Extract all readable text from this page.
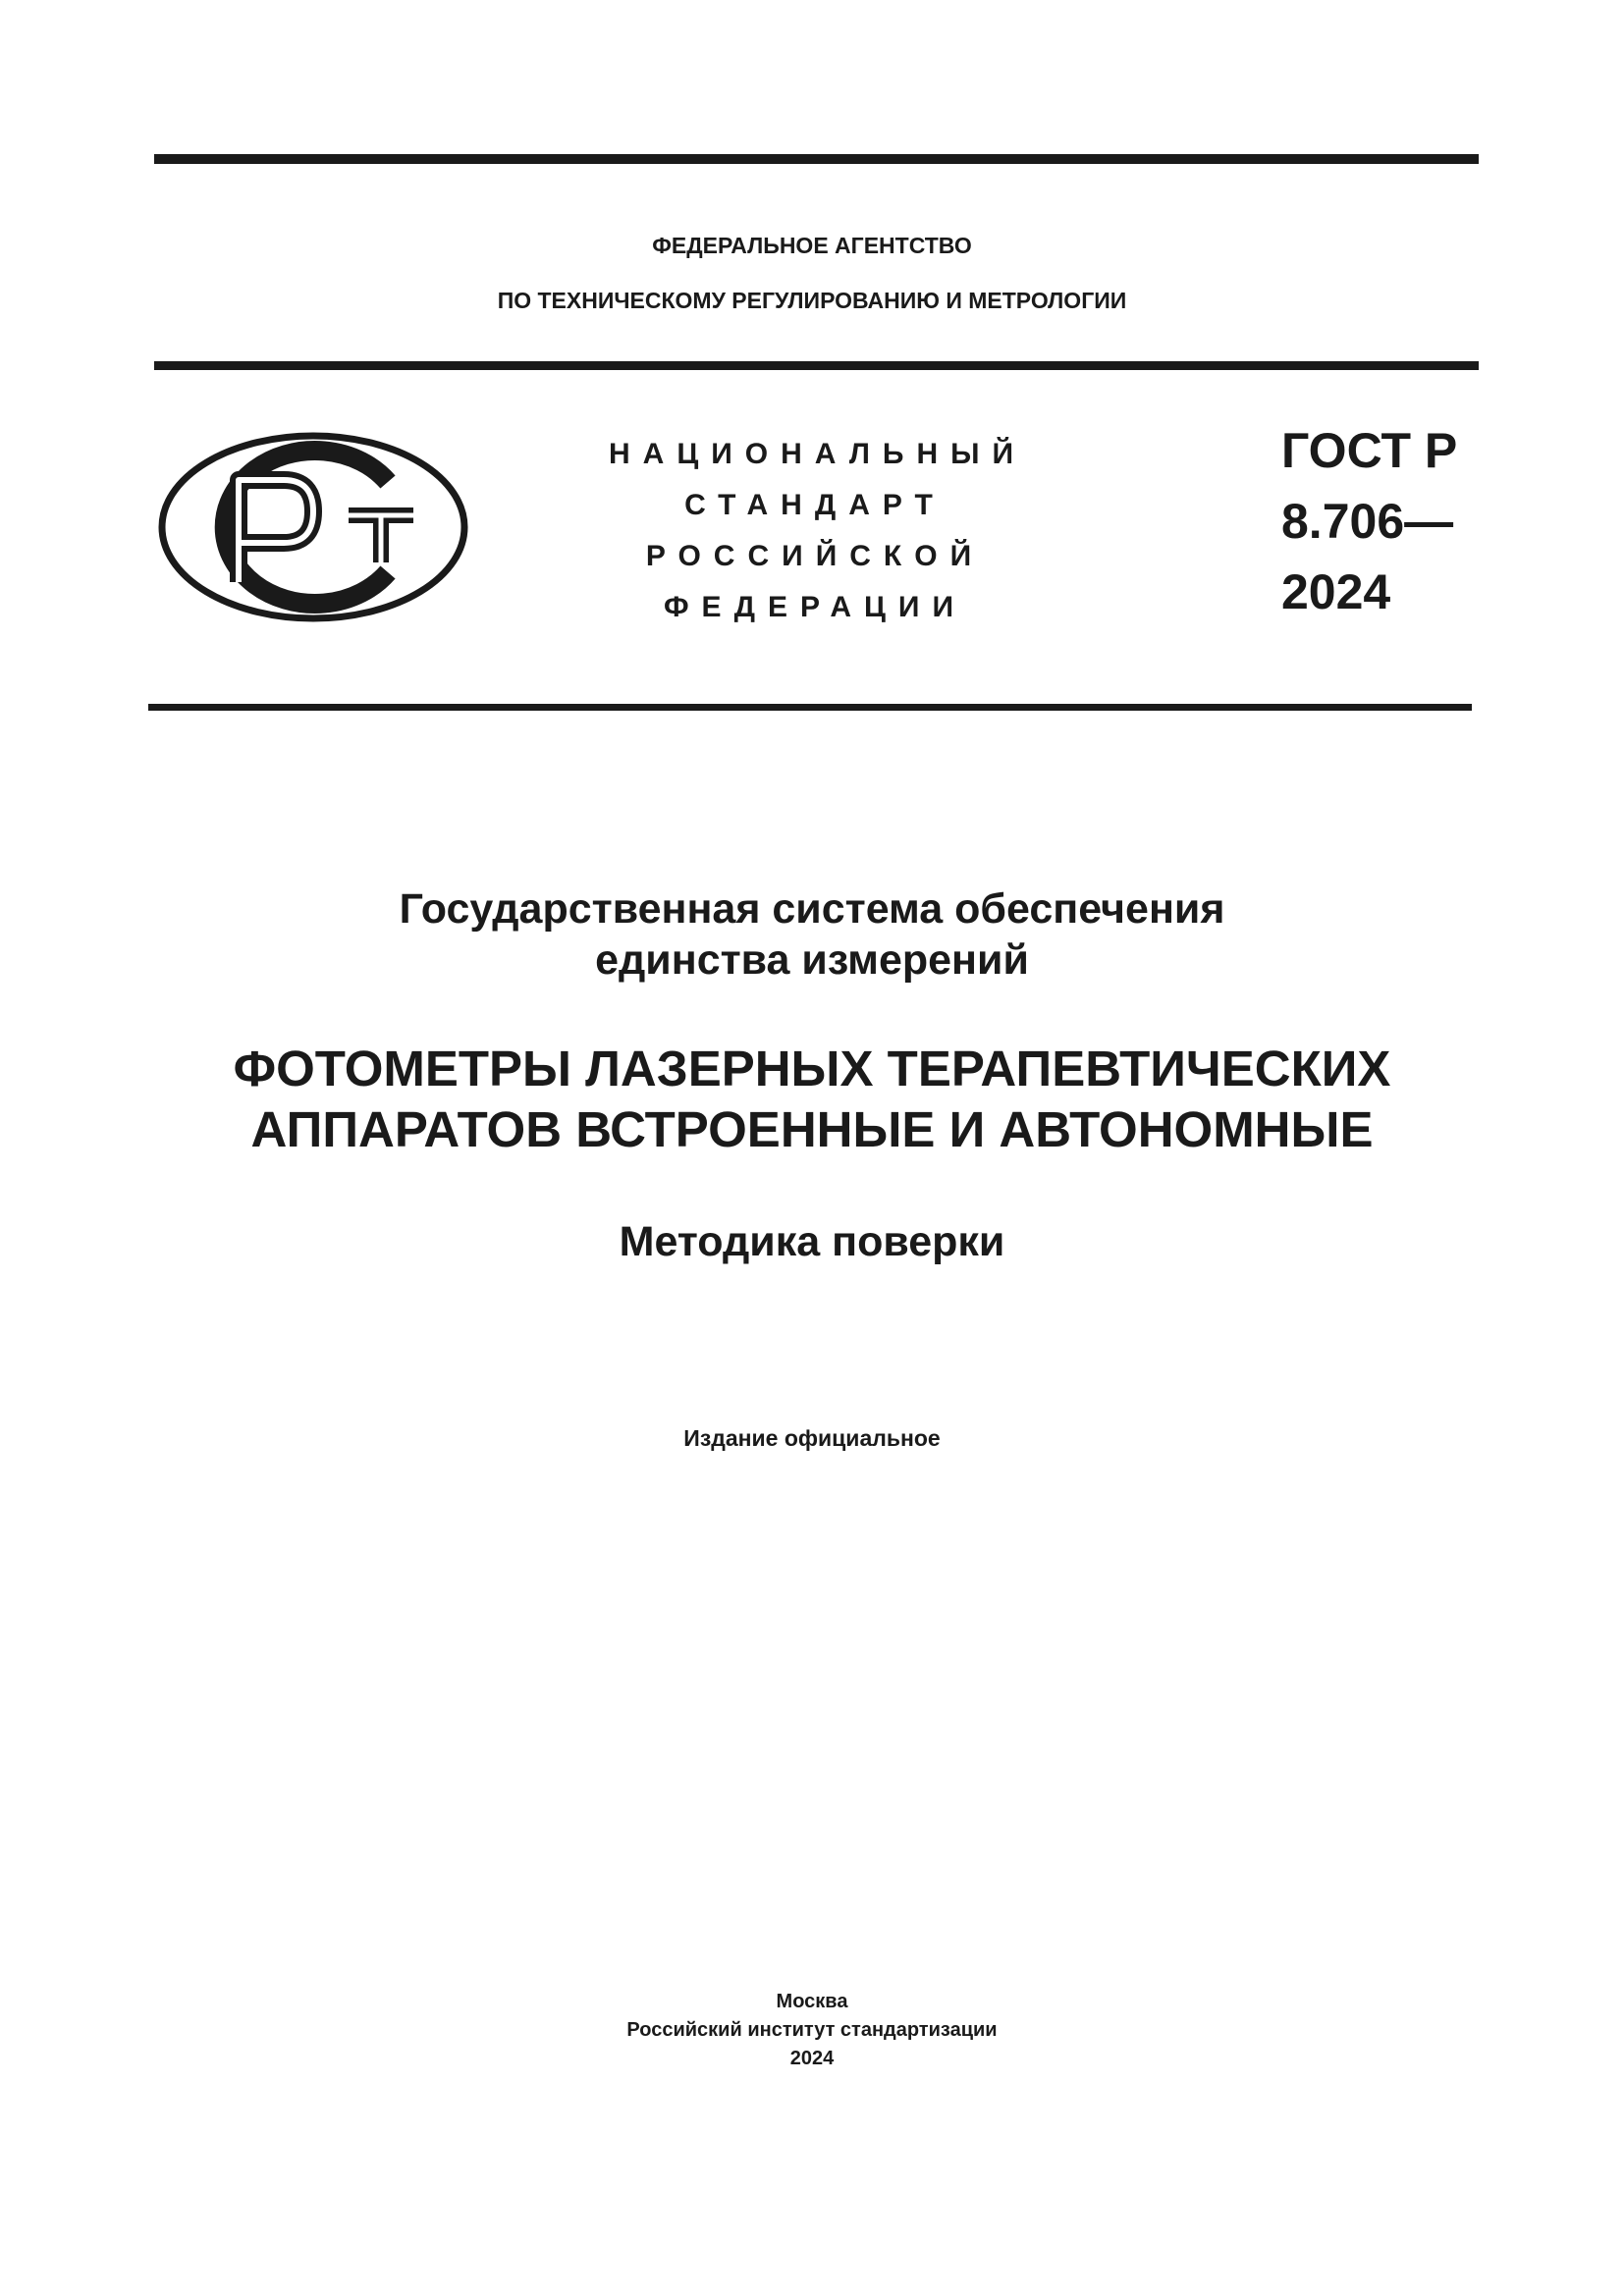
ФЕДЕРАЛЬНОЕ АГЕНТСТВО
ПО ТЕХНИЧЕСКОМУ РЕГУЛИРОВАНИЮ И МЕТРОЛОГИИ
НАЦИОНАЛЬНЫЙ
СТАНДАРТ
РОССИЙСКОЙ
ФЕДЕРАЦИИ
ГОСТ Р
8.706—
2024
Государственная система обеспечения
единства измерений
ФОТОМЕТРЫ ЛАЗЕРНЫХ ТЕРАПЕВТИЧЕСКИХ
АППАРАТОВ ВСТРОЕННЫЕ И АВТОНОМНЫЕ
Методика поверки
Издание официальное
Москва
Российский институт стандартизации
2024
